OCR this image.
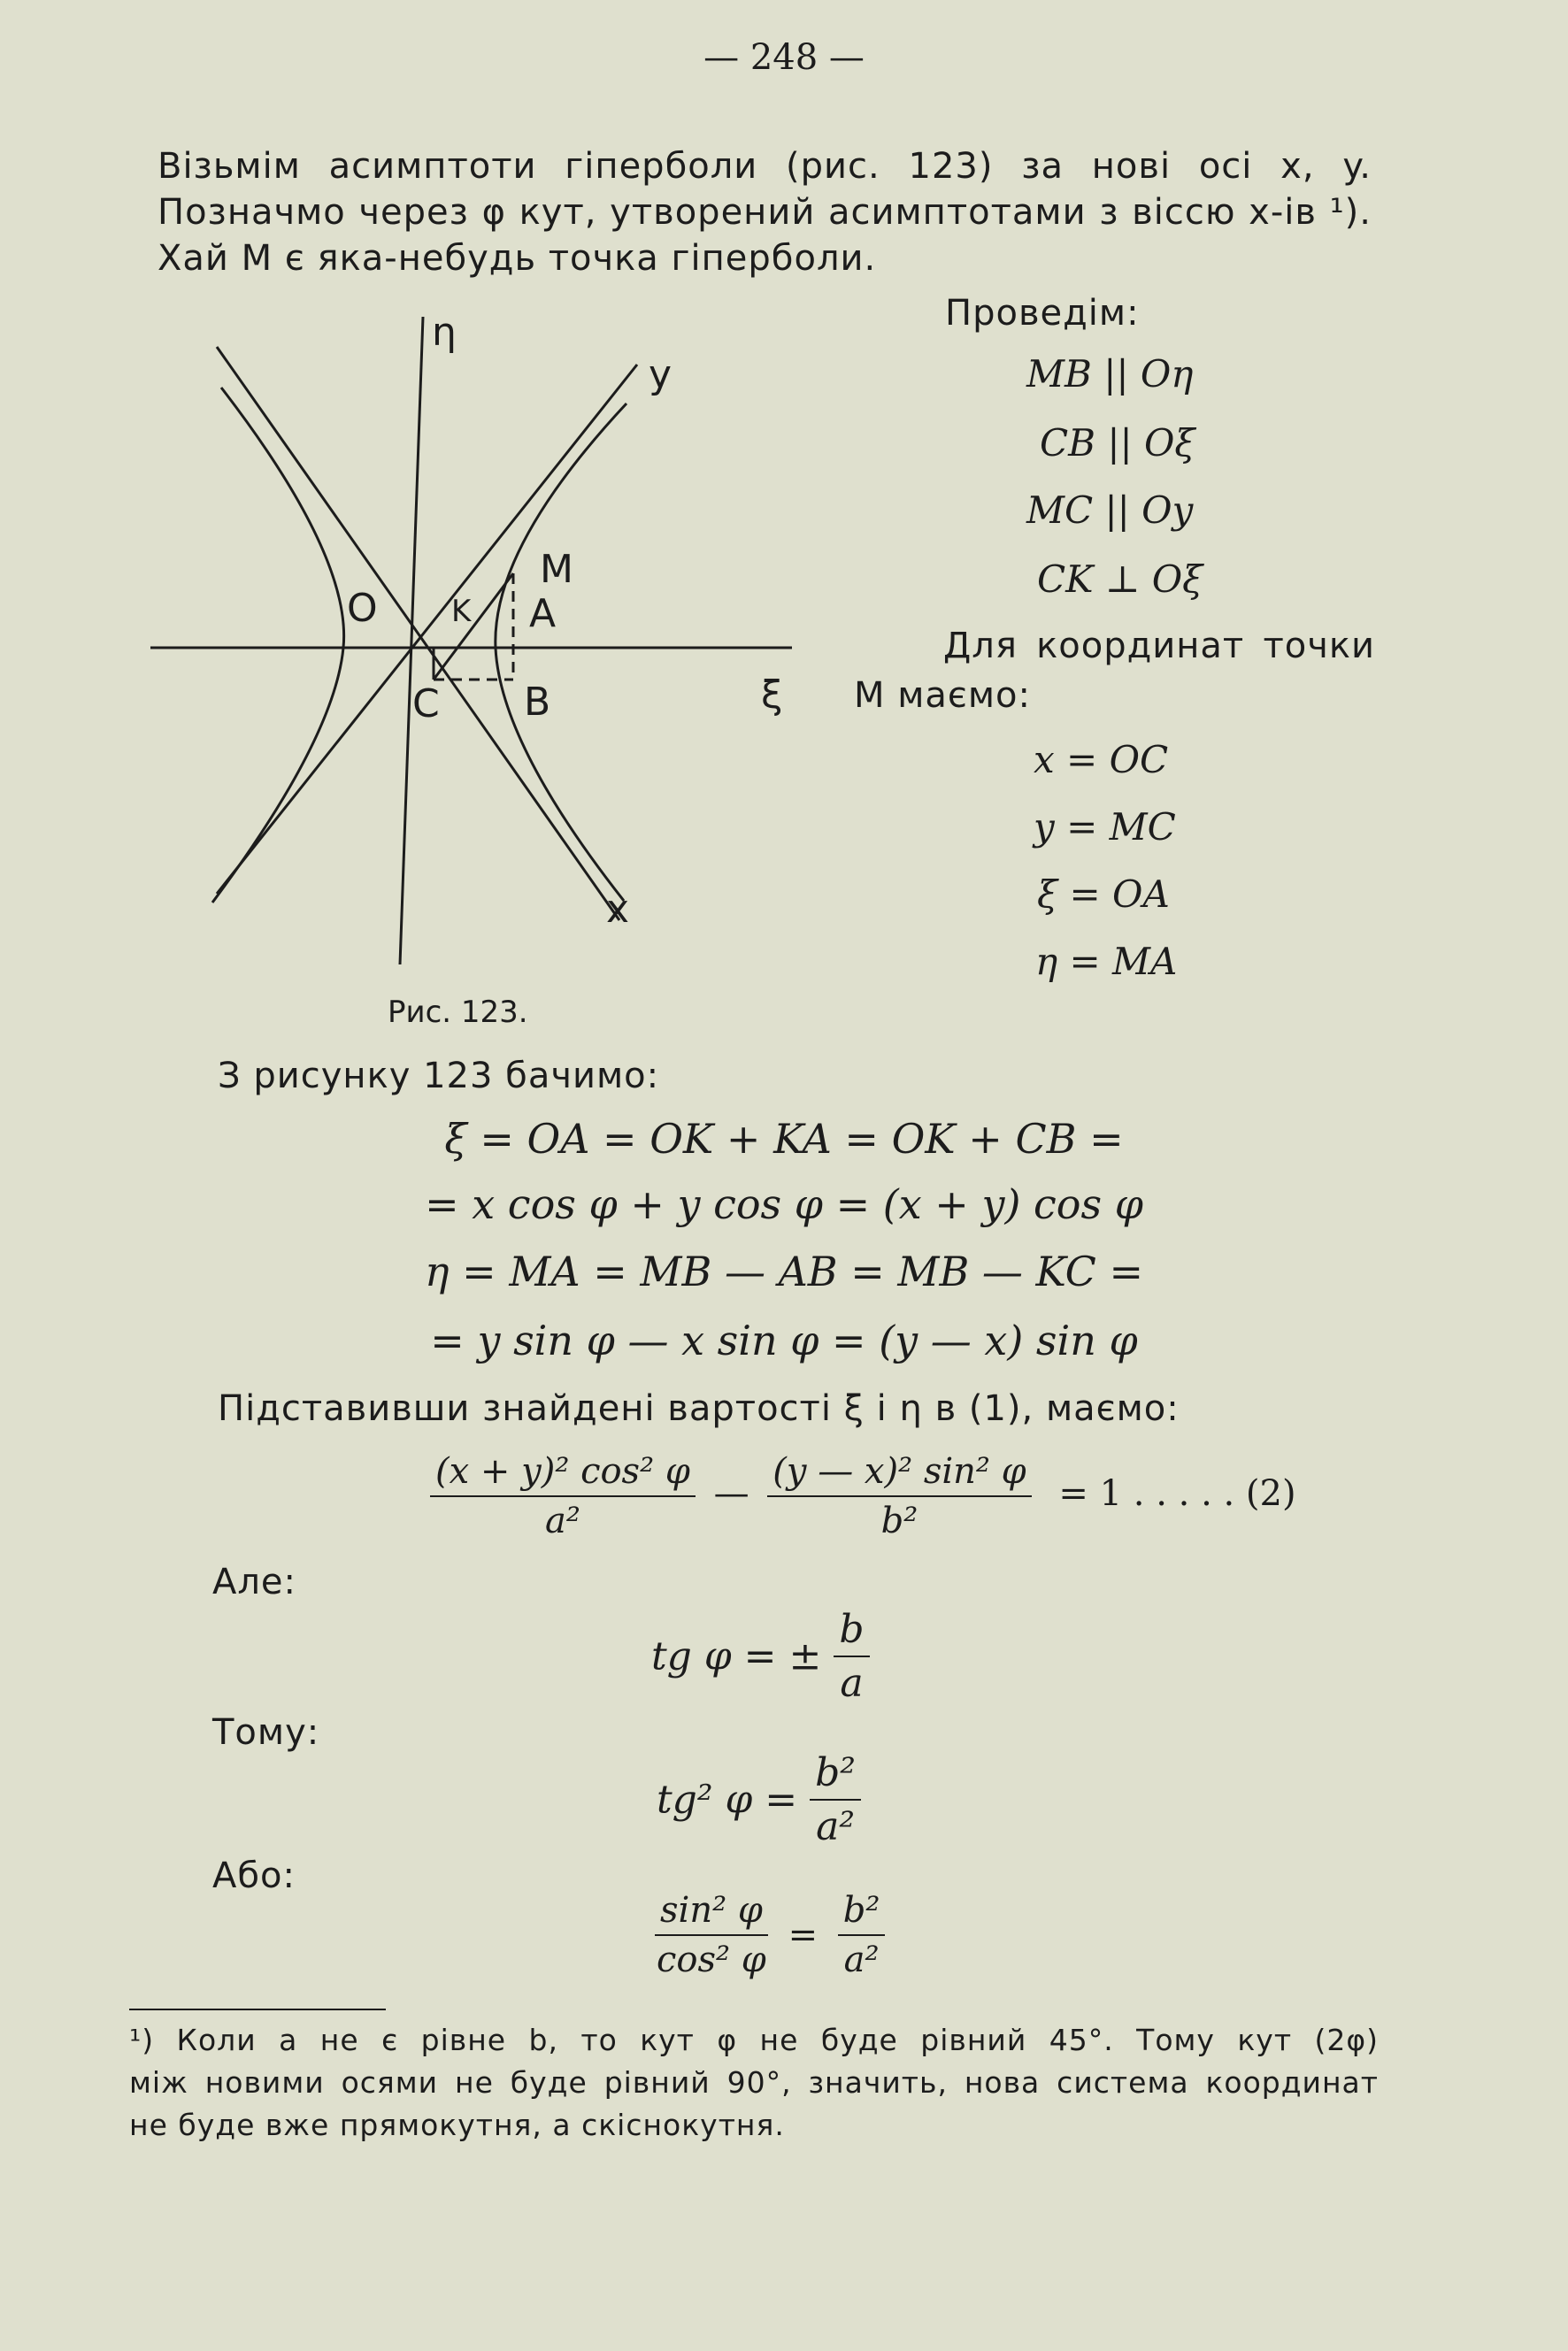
— 248 —
Візьмім асимптоти гіперболи (рис. 123) за нові осі x, y.
Позначмо через φ кут, утворений асимптотами з віссю x-ів ¹).
Хай M є яка-небудь точка гіперболи.
η
y
ξ
x
M
O K A
C B
Рис. 123.
Проведім:
MB || Oη
CB || Oξ
MC || Oy
CK ⊥ Oξ
Для координат точки
M маємо:
x = OC
y = MC
ξ = OA
η = MA
З рисунку 123 бачимо:
ξ = OA = OK + KA = OK + CB =
= x cos φ + y cos φ = (x + y) cos φ
η = MA = MB — AB = MB — KC =
= y sin φ — x sin φ = (y — x) sin φ
Підставивши знайдені вартості ξ і η в (1), маємо:
$\frac{\text{(x + y)² cos² φ}}{\text{a²}}$ — $\frac{\text{(y — x)² sin² φ}}{\text{b²}} = 1$ . . . . . (2)
Але:
tg φ = ± $\frac{b}{a}$
Тому:
tg² $\varphi = \frac{\text{b²}}{\text{a²}}$
Або:
$\frac{\text{sin² φ}}{\text{cos² φ}} = \frac{\text{b²}}{\text{a²}}$
¹) Коли a не є рівне b, то кут φ не буде рівний 45°. Тому кут (2φ)
між новими осями не буде рівний 90°, значить, нова система координат
не буде вже прямокутня, а скіснокутня.
